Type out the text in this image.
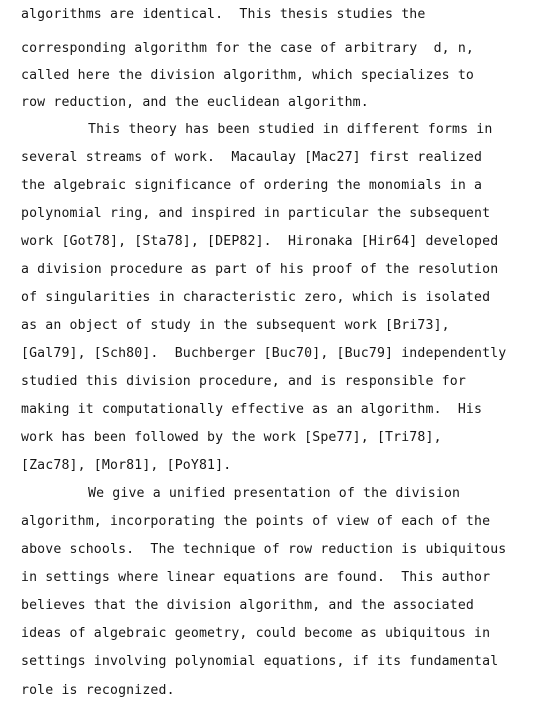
algorithms are identical.  This thesis studies the
corresponding algorithm for the case of arbitrary  d, n,
called here the division algorithm, which specializes to
row reduction, and the euclidean algorithm.
This theory has been studied in different forms in
several streams of work.  Macaulay [Mac27] first realized
the algebraic significance of ordering the monomials in a
polynomial ring, and inspired in particular the subsequent
work [Got78], [Sta78], [DEP82].  Hironaka [Hir64] developed
a division procedure as part of his proof of the resolution
of singularities in characteristic zero, which is isolated
as an object of study in the subsequent work [Bri73],
[Gal79], [Sch80].  Buchberger [Buc70], [Buc79] independently
studied this division procedure, and is responsible for
making it computationally effective as an algorithm.  His
work has been followed by the work [Spe77], [Tri78],
[Zac78], [Mor81], [PoY81].
We give a unified presentation of the division
algorithm, incorporating the points of view of each of the
above schools.  The technique of row reduction is ubiquitous
in settings where linear equations are found.  This author
believes that the division algorithm, and the associated
ideas of algebraic geometry, could become as ubiquitous in
settings involving polynomial equations, if its fundamental
role is recognized.
